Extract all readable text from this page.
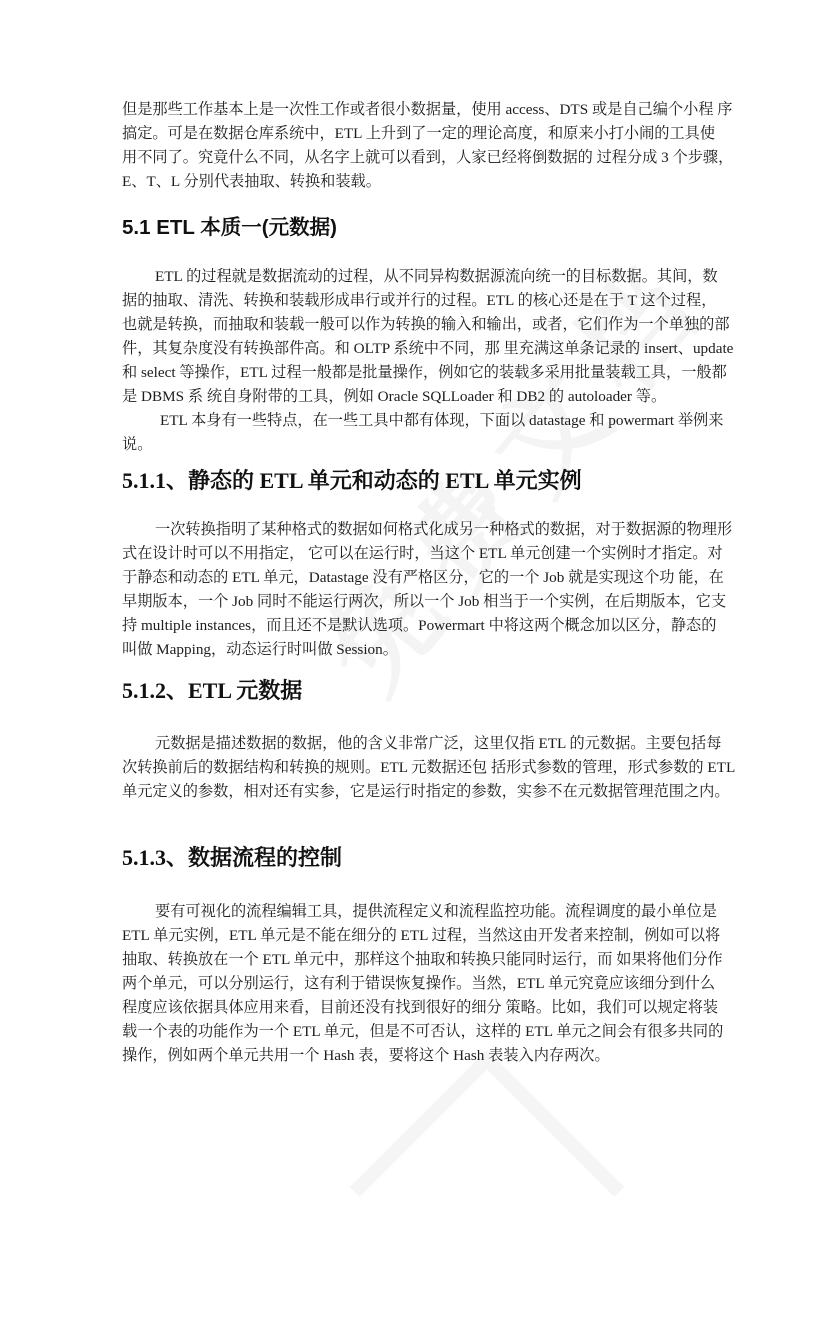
但是那些工作基本上是一次性工作或者很小数据量，使用 access、DTS 或是自己编个小程 序
搞定。可是在数据仓库系统中，ETL 上升到了一定的理论高度，和原来小打小闹的工具使
用不同了。究竟什么不同，从名字上就可以看到，人家已经将倒数据的 过程分成 3 个步骤，
E、T、L 分别代表抽取、转换和装载。
5.1 ETL 本质一(元数据)
ETL 的过程就是数据流动的过程，从不同异构数据源流向统一的目标数据。其间，数
据的抽取、清洗、转换和装载形成串行或并行的过程。ETL 的核心还是在于 T 这个过程，
也就是转换，而抽取和装载一般可以作为转换的输入和输出，或者，它们作为一个单独的部
件，其复杂度没有转换部件高。和 OLTP 系统中不同，那 里充满这单条记录的 insert、update
和 select 等操作，ETL 过程一般都是批量操作，例如它的装载多采用批量装载工具，一般都
是 DBMS 系 统自身附带的工具，例如 Oracle SQLLoader 和 DB2 的 autoloader 等。
ETL 本身有一些特点，在一些工具中都有体现，下面以 datastage 和 powermart 举例来
说。
5.1.1、静态的 ETL 单元和动态的 ETL 单元实例
一次转换指明了某种格式的数据如何格式化成另一种格式的数据，对于数据源的物理形
式在设计时可以不用指定， 它可以在运行时，当这个 ETL 单元创建一个实例时才指定。对
于静态和动态的 ETL 单元，Datastage 没有严格区分，它的一个 Job 就是实现这个功 能，在
早期版本，一个 Job 同时不能运行两次，所以一个 Job 相当于一个实例，在后期版本，它支
持 multiple instances，而且还不是默认选项。Powermart 中将这两个概念加以区分，静态的
叫做 Mapping，动态运行时叫做 Session。
5.1.2、ETL 元数据
元数据是描述数据的数据，他的含义非常广泛，这里仅指 ETL 的元数据。主要包括每
次转换前后的数据结构和转换的规则。ETL 元数据还包 括形式参数的管理，形式参数的 ETL
单元定义的参数，相对还有实参，它是运行时指定的参数，实参不在元数据管理范围之内。
5.1.3、数据流程的控制
要有可视化的流程编辑工具，提供流程定义和流程监控功能。流程调度的最小单位是
ETL 单元实例，ETL 单元是不能在细分的 ETL 过程，当然这由开发者来控制，例如可以将
抽取、转换放在一个 ETL 单元中，那样这个抽取和转换只能同时运行，而 如果将他们分作
两个单元，可以分别运行，这有利于错误恢复操作。当然，ETL 单元究竟应该细分到什么
程度应该依据具体应用来看，目前还没有找到很好的细分 策略。比如，我们可以规定将装
载一个表的功能作为一个 ETL 单元，但是不可否认，这样的 ETL 单元之间会有很多共同的
操作，例如两个单元共用一个 Hash 表，要将这个 Hash 表装入内存两次。
